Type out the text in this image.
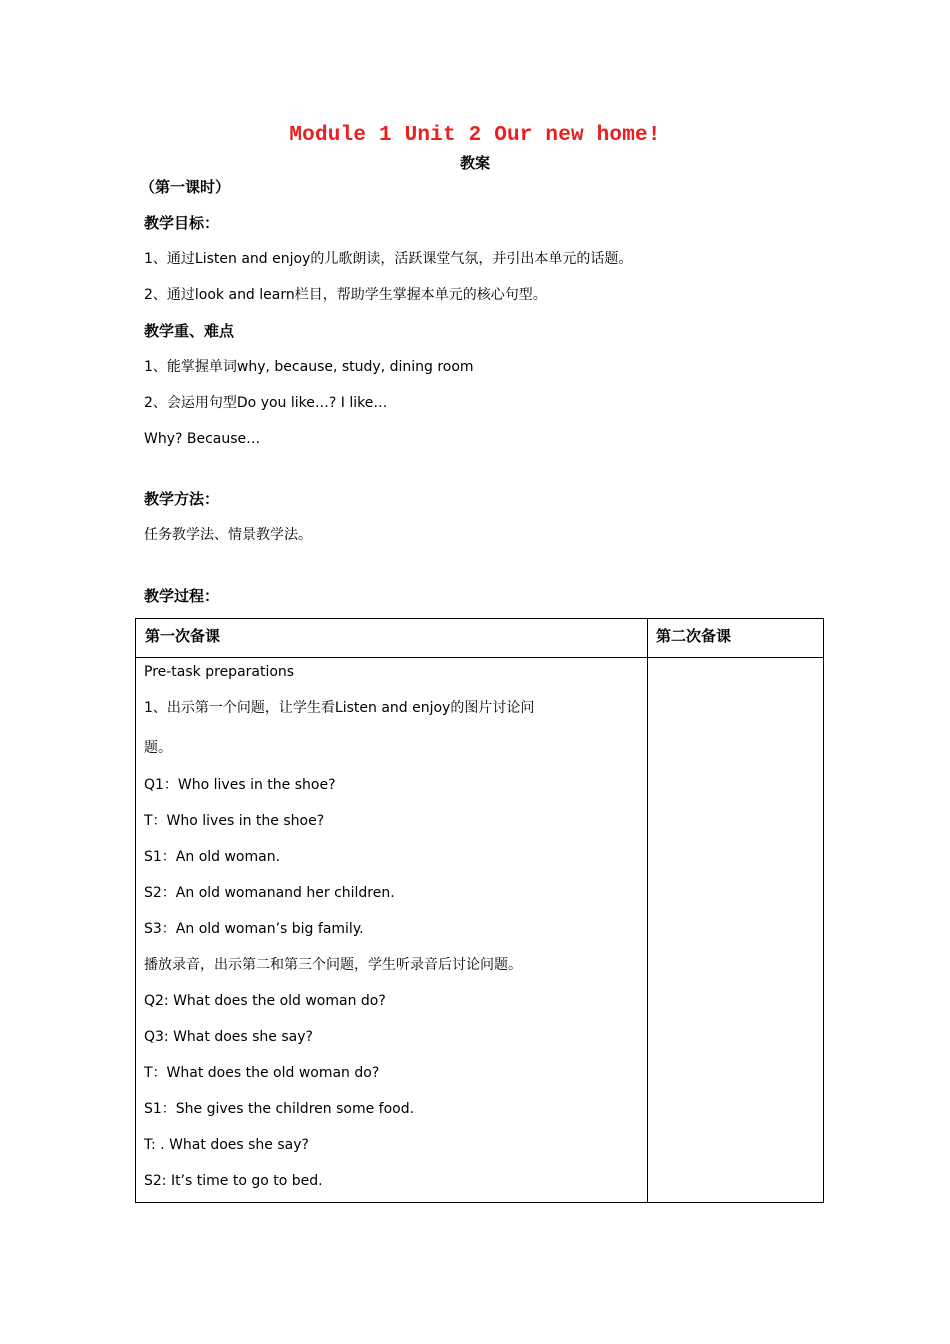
Module 1 Unit 2 Our new home!
教案
（第一课时）
教学目标：
1、通过Listen and enjoy的儿歌朗读，活跃课堂气氛，并引出本单元的话题。
2、通过look and learn栏目，帮助学生掌握本单元的核心句型。
教学重、难点
1、能掌握单词why, because, study, dining room
2、会运用句型Do you like…? I like…
Why? Because…
教学方法：
任务教学法、情景教学法。
教学过程：
第一次备课	第二次备课
Pre-task preparations
1、出示第一个问题，让学生看Listen and enjoy的图片讨论问
题。
Q1：Who lives in the shoe?
T：Who lives in the shoe?
S1：An old woman.
S2：An old womanand her children.
S3：An old woman’s big family.
播放录音，出示第二和第三个问题，学生听录音后讨论问题。
Q2: What does the old woman do?
Q3: What does she say?
T：What does the old woman do?
S1：She gives the children some food.
T: . What does she say?
S2: It’s time to go to bed.
